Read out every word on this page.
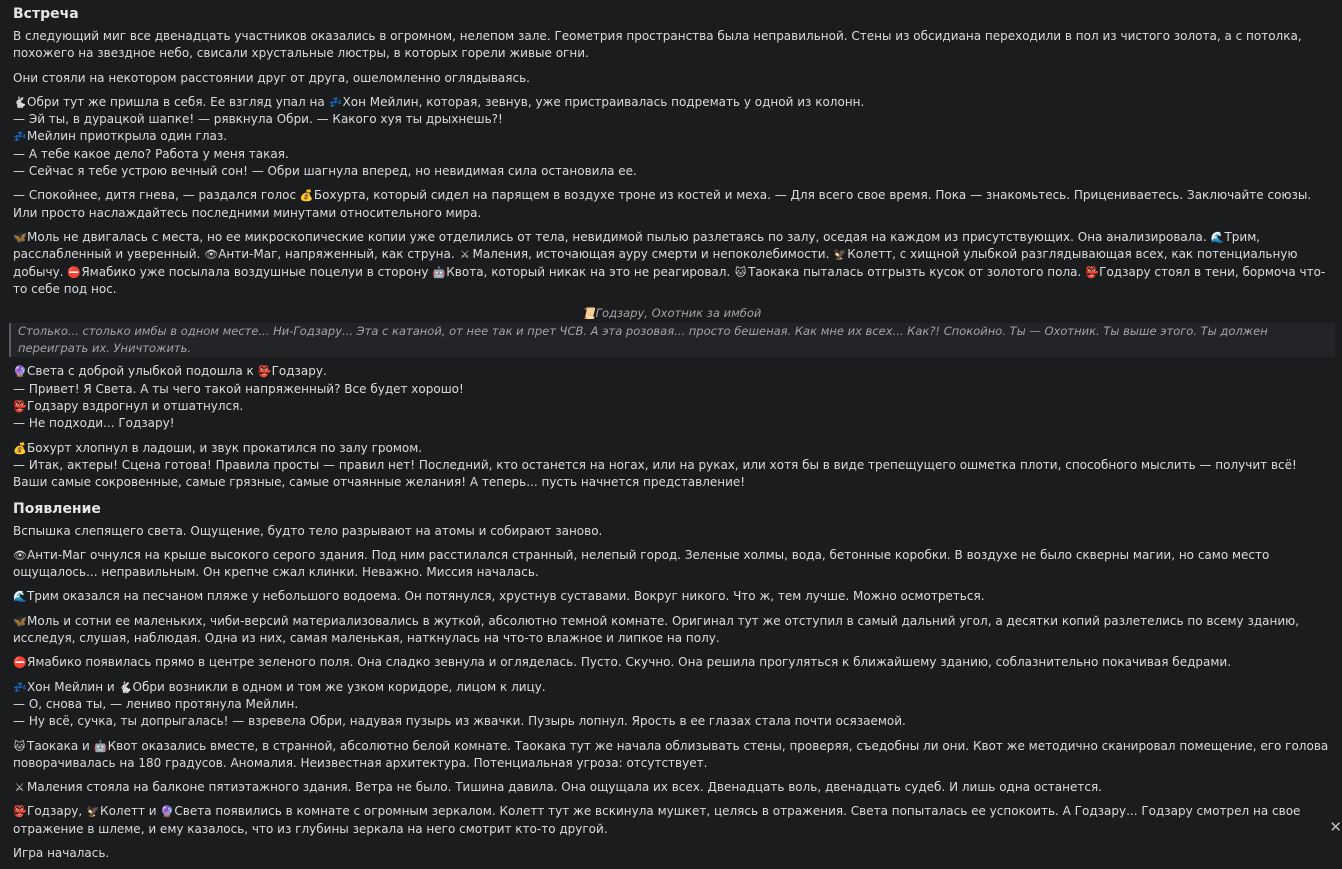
Встреча

В следующий миг все двенадцать участников оказались в огромном, нелепом зале. Геометрия пространства была неправильной. Стены из обсидиана переходили в пол из чистого золота, а с потолка, похожего на звездное небо, свисали хрустальные люстры, в которых горели живые огни.

Они стояли на некотором расстоянии друг от друга, ошеломленно оглядываясь.

🐇Обри тут же пришла в себя. Ее взгляд упал на 💤Хон Мейлин, которая, зевнув, уже пристраивалась подремать у одной из колонн.
— Эй ты, в дурацкой шапке! — рявкнула Обри. — Какого хуя ты дрыхнешь?!
💤Мейлин приоткрыла один глаз.
— А тебе какое дело? Работа у меня такая.
— Сейчас я тебе устрою вечный сон! — Обри шагнула вперед, но невидимая сила остановила ее.

— Спокойнее, дитя гнева, — раздался голос 💰Бохурта, который сидел на парящем в воздухе троне из костей и меха. — Для всего свое время. Пока — знакомьтесь. Прицениваетесь. Заключайте союзы. Или просто наслаждайтесь последними минутами относительного мира.

🦋Моль не двигалась с места, но ее микроскопические копии уже отделились от тела, невидимой пылью разлетаясь по залу, оседая на каждом из присутствующих. Она анализировала. 🌊Трим, расслабленный и уверенный. 👁Анти-Маг, напряженный, как струна. ⚔ Маления, источающая ауру смерти и непоколебимости. 🦅Колетт, с хищной улыбкой разглядывающая всех, как потенциальную добычу. ⛔Ямабико уже посылала воздушные поцелуи в сторону 🤖Квота, который никак на это не реагировал. 🐱 Таокака пыталась отгрызть кусок от золотого пола. 👺Годзару стоял в тени, бормоча что-то себе под нос.

📜Годзару, Охотник за имбой
Столько... столько имбы в одном месте... Ни-Годзару... Эта с катаной, от нее так и прет ЧСВ. А эта розовая... просто бешеная. Как мне их всех... Как?! Спокойно. Ты — Охотник. Ты выше этого. Ты должен переиграть их. Уничтожить.

🔮Света с доброй улыбкой подошла к 👺Годзару.
— Привет! Я Света. А ты чего такой напряженный? Все будет хорошо!
👺Годзару вздрогнул и отшатнулся.
— Не подходи... Годзару!

💰Бохурт хлопнул в ладоши, и звук прокатился по залу громом.
— Итак, актеры! Сцена готова! Правила просты — правил нет! Последний, кто останется на ногах, или на руках, или хотя бы в виде трепещущего ошметка плоти, способного мыслить — получит всё! Ваши самые сокровенные, самые грязные, самые отчаянные желания! А теперь... пусть начнется представление!

Появление

Вспышка слепящего света. Ощущение, будто тело разрывают на атомы и собирают заново.

👁Анти-Маг очнулся на крыше высокого серого здания. Под ним расстилался странный, нелепый город. Зеленые холмы, вода, бетонные коробки. В воздухе не было скверны магии, но само место ощущалось... неправильным. Он крепче сжал клинки. Неважно. Миссия началась.

🌊Трим оказался на песчаном пляже у небольшого водоема. Он потянулся, хрустнув суставами. Вокруг никого. Что ж, тем лучше. Можно осмотреться.

🦋Моль и сотни ее маленьких, чиби-версий материализовались в жуткой, абсолютно темной комнате. Оригинал тут же отступил в самый дальний угол, а десятки копий разлетелись по всему зданию, исследуя, слушая, наблюдая. Одна из них, самая маленькая, наткнулась на что-то влажное и липкое на полу.

⛔Ямабико появилась прямо в центре зеленого поля. Она сладко зевнула и огляделась. Пусто. Скучно. Она решила прогуляться к ближайшему зданию, соблазнительно покачивая бедрами.

💤Хон Мейлин и 🐇Обри возникли в одном и том же узком коридоре, лицом к лицу.
— О, снова ты, — лениво протянула Мейлин.
— Ну всё, сучка, ты допрыгалась! — взревела Обри, надувая пузырь из жвачки. Пузырь лопнул. Ярость в ее глазах стала почти осязаемой.

🐱 Таокака и 🤖Квот оказались вместе, в странной, абсолютно белой комнате. Таокака тут же начала облизывать стены, проверяя, съедобны ли они. Квот же методично сканировал помещение, его голова поворачивалась на 180 градусов. Аномалия. Неизвестная архитектура. Потенциальная угроза: отсутствует.

⚔ Маления стояла на балконе пятиэтажного здания. Ветра не было. Тишина давила. Она ощущала их всех. Двенадцать воль, двенадцать судеб. И лишь одна останется.

👺Годзару, 🦅Колетт и 🔮Света появились в комнате с огромным зеркалом. Колетт тут же вскинула мушкет, целясь в отражения. Света попыталась ее успокоить. А Годзару... Годзару смотрел на свое отражение в шлеме, и ему казалось, что из глубины зеркала на него смотрит кто-то другой.

Игра началась.

✕
